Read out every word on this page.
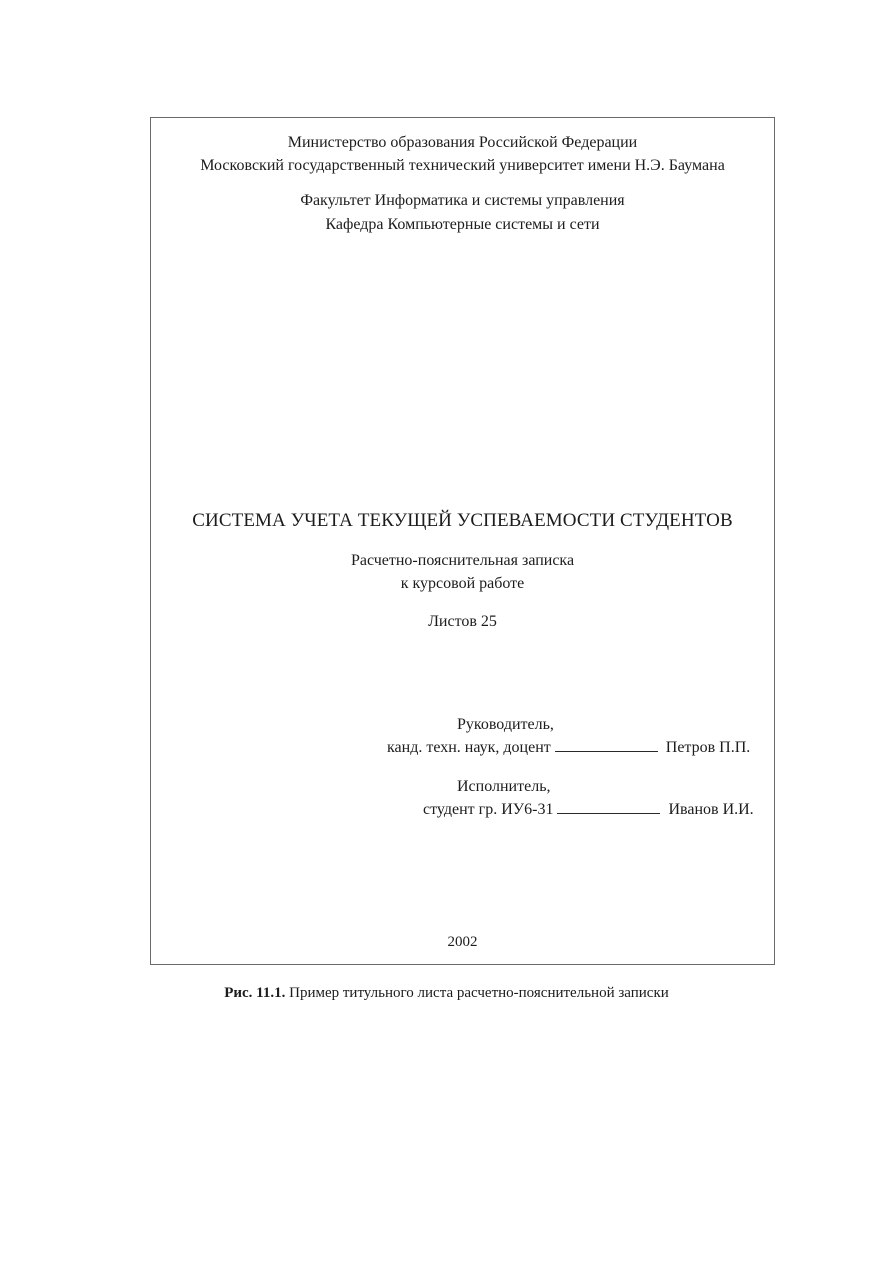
Министерство образования Российской Федерации
Московский государственный технический университет имени Н.Э. Баумана
Факультет Информатика и системы управления
Кафедра Компьютерные системы и сети
СИСТЕМА УЧЕТА ТЕКУЩЕЙ УСПЕВАЕМОСТИ СТУДЕНТОВ
Расчетно-пояснительная записка
к курсовой работе
Листов 25
Руководитель,
канд. техн. наук, доцент	Петров П.П.
Исполнитель,
студент гр. ИУ6-31	Иванов И.И.
2002
Рис. 11.1. Пример титульного листа расчетно-пояснительной записки
